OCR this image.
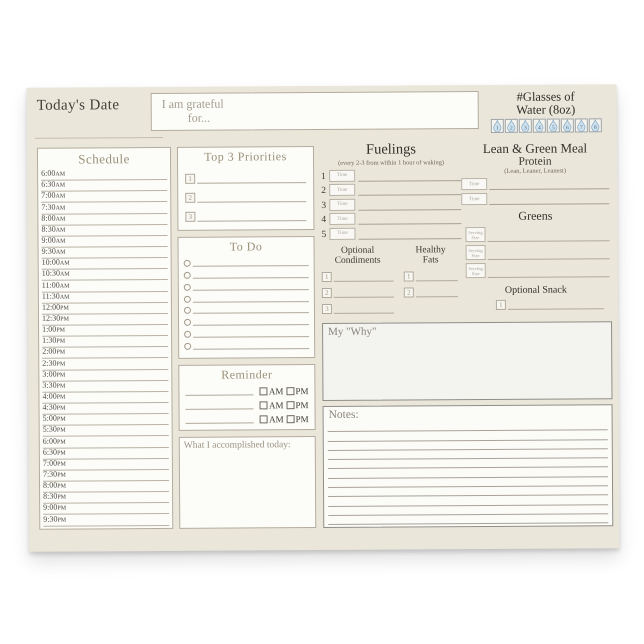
Today's Date	I am grateful
for...
#Glasses of
Water (8oz)
1 2 3 4 5 6 7 8
Schedule
6:00AM
6:30AM
7:00AM
7:30AM
8:00AM
8:30AM
9:00AM
9:30AM
10:00AM
10:30AM
11:00AM
11:30AM
12:00PM
12:30PM
1:00PM
1:30PM
2:00PM
2:30PM
3:00PM
3:30PM
4:00PM
4:30PM
5:00PM
5:30PM
6:00PM
6:30PM
7:00PM
7:30PM
8:00PM
8:30PM
9:00PM
9:30PM
Top 3 Priorities
1
2
3
To Do
Reminder
AM PM
AM PM
AM PM
What I accomplished today:
Fuelings
(every 2-3 from within 1 hour of waking)
1	Time
2	Time
3	Time
4	Time
5	Time
Optional
Condiments
1
2
3
Healthy
Fats
1
2
Lean & Green Meal
Protein
(Lean, Leaner, Leanest)
Time
Time
Greens
Serving
Size
Serving
Size
Serving
Size
Optional Snack
1
My "Why"
Notes:
